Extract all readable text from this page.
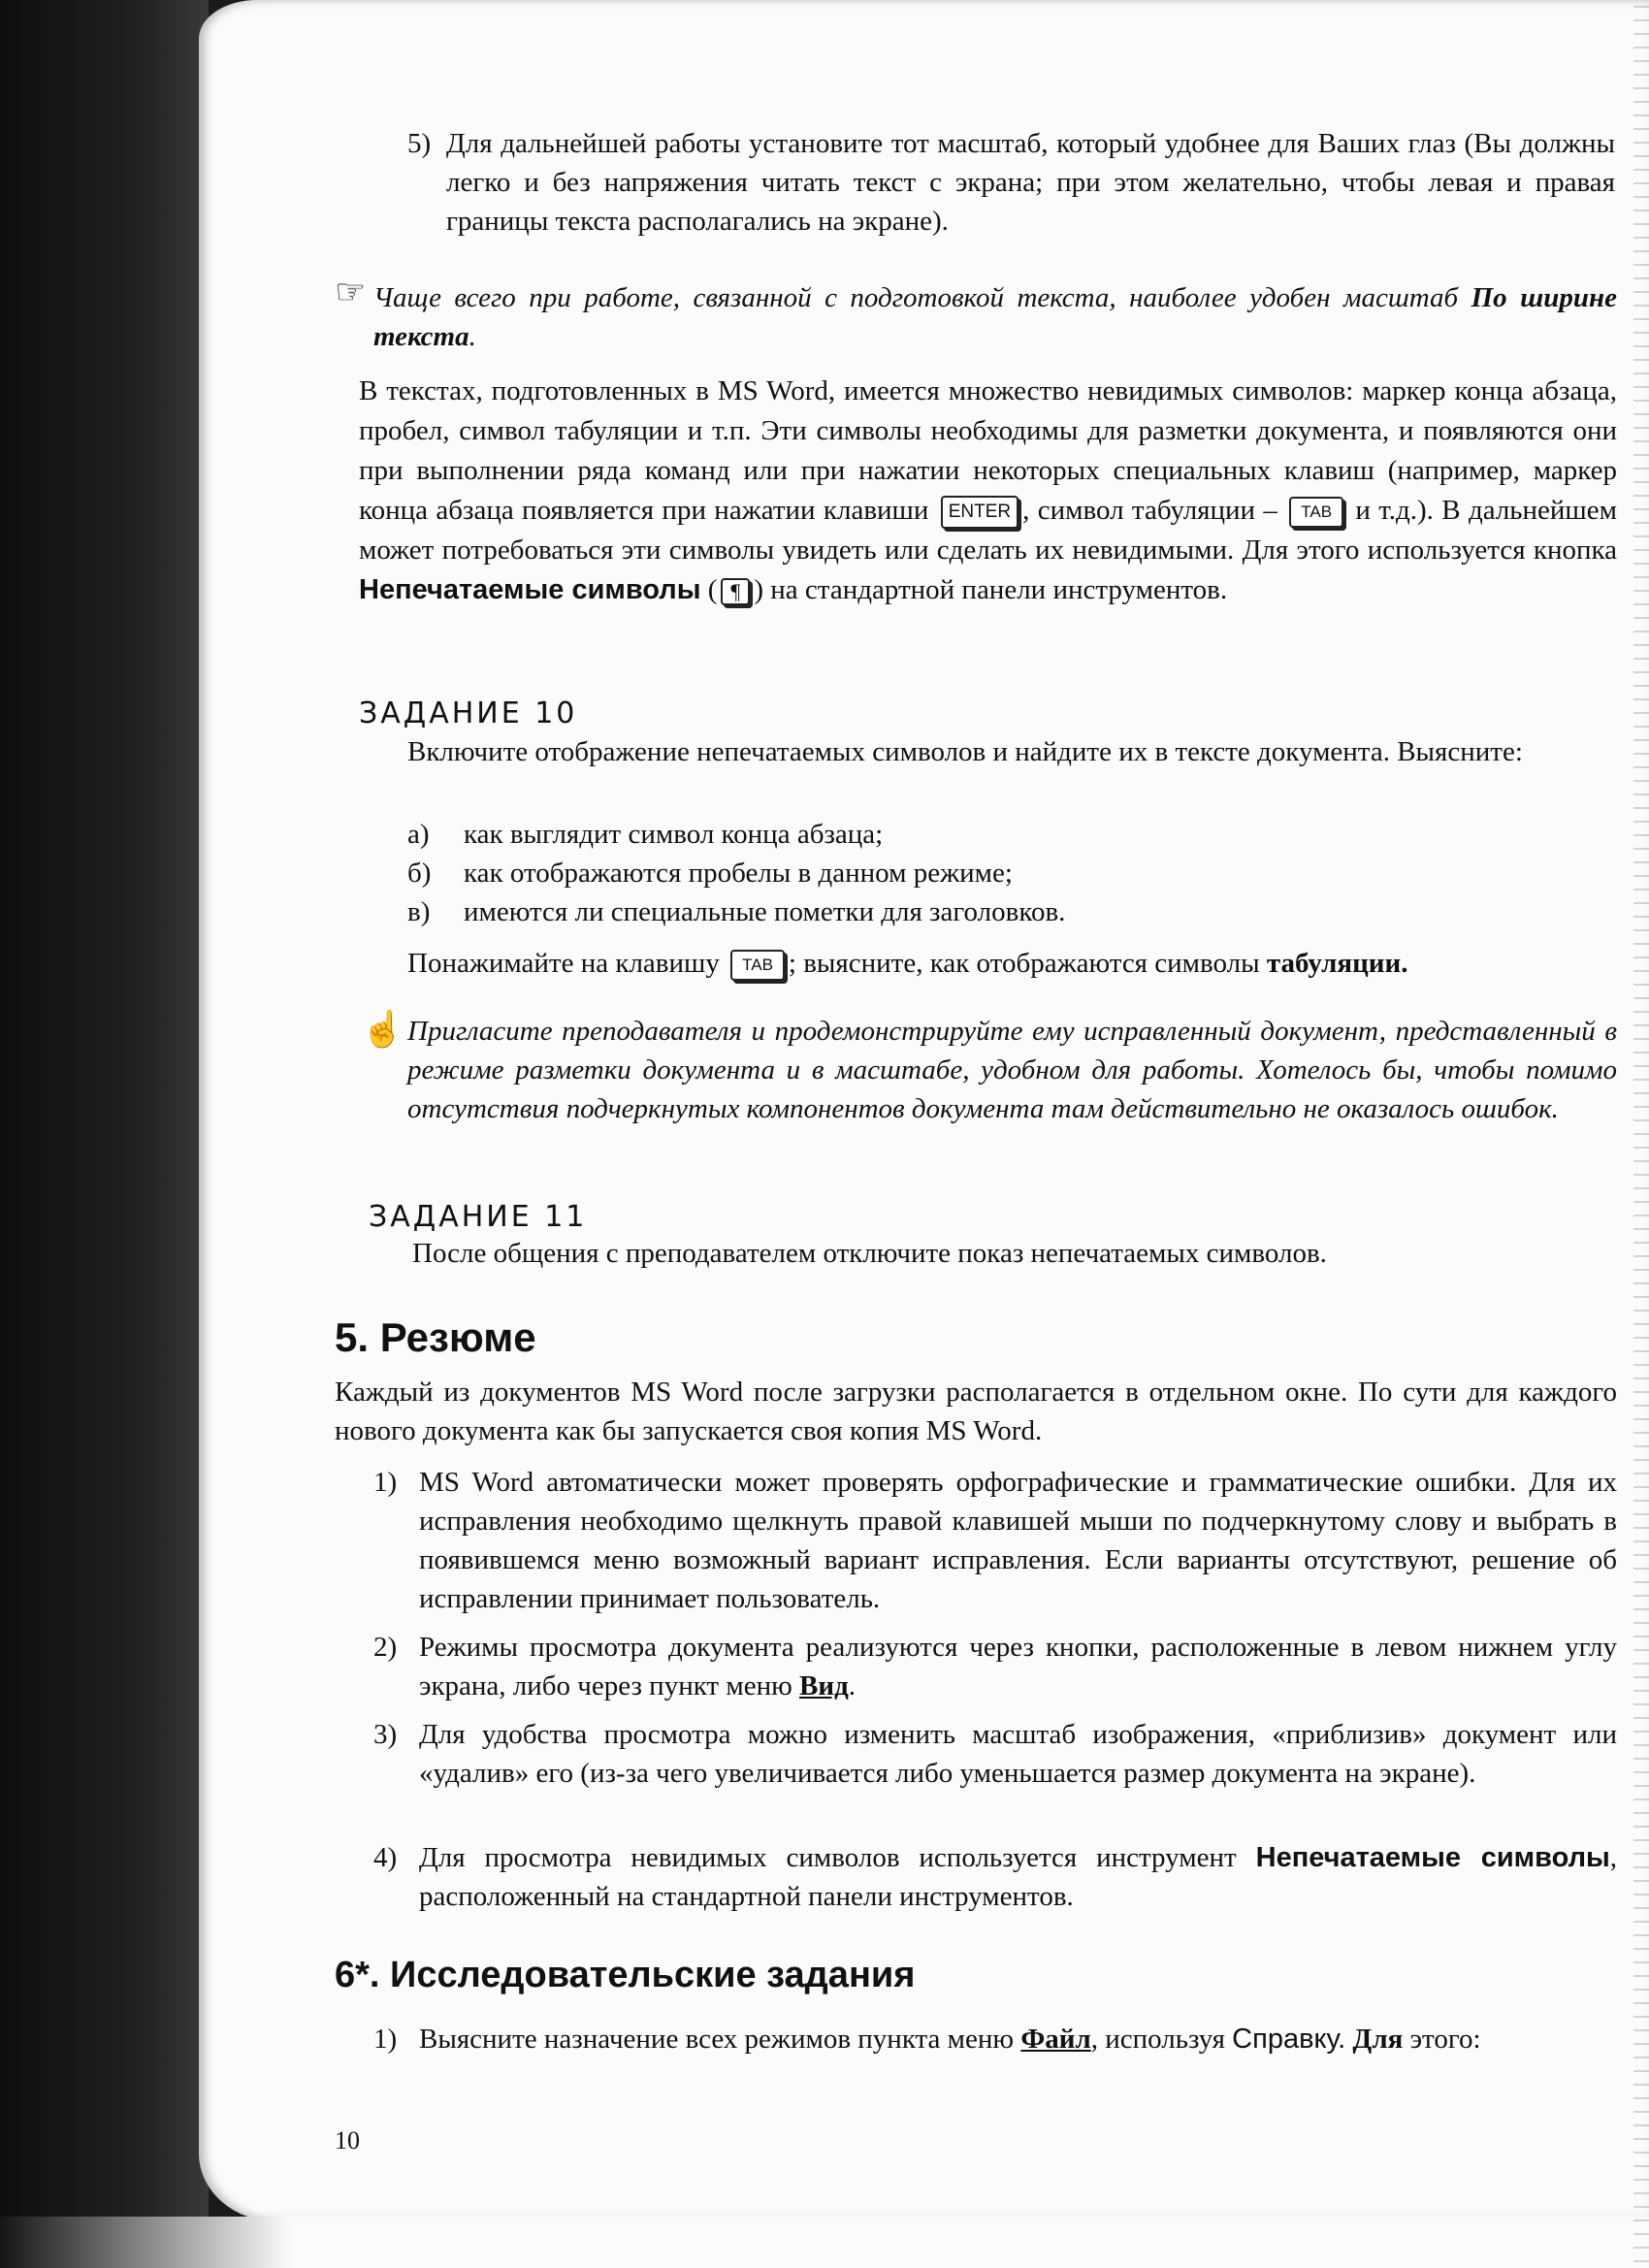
5) Для дальнейшей работы установите тот масштаб, который удобнее для Ваших глаз (Вы должны легко и без напряжения читать текст с экрана; при этом желательно, чтобы левая и правая границы текста располагались на экране).
☞ Чаще всего при работе, связанной с подготовкой текста, наиболее удобен масштаб По ширине текста.
В текстах, подготовленных в MS Word, имеется множество невидимых символов: маркер конца абзаца, пробел, символ табуляции и т.п. Эти символы необходимы для разметки документа, и появляются они при выполнении ряда команд или при нажатии некоторых специальных клавиш (например, маркер конца абзаца появляется при нажатии клавиши ENTER , символ табуляции – TAB и т.д.). В дальнейшем может потребоваться эти символы увидеть или сделать их невидимыми. Для этого используется кнопка Непечатаемые символы ( ¶ ) на стандартной панели инструментов.
ЗАДАНИЕ 10
Включите отображение непечатаемых символов и найдите их в тексте документа. Выясните:
а) как выглядит символ конца абзаца;
б) как отображаются пробелы в данном режиме;
в) имеются ли специальные пометки для заголовков.
Понажимайте на клавишу TAB ; выясните, как отображаются символы табуляции.
☝ Пригласите преподавателя и продемонстрируйте ему исправленный документ, представленный в режиме разметки документа и в масштабе, удобном для работы. Хотелось бы, чтобы помимо отсутствия подчеркнутых компонентов документа там действительно не оказалось ошибок.
ЗАДАНИЕ 11
После общения с преподавателем отключите показ непечатаемых символов.
5. Резюме
Каждый из документов MS Word после загрузки располагается в отдельном окне. По сути для каждого нового документа как бы запускается своя копия MS Word.
1) MS Word автоматически может проверять орфографические и грамматические ошибки. Для их исправления необходимо щелкнуть правой клавишей мыши по подчеркнутому слову и выбрать в появившемся меню возможный вариант исправления. Если варианты отсутствуют, решение об исправлении принимает пользователь.
2) Режимы просмотра документа реализуются через кнопки, расположенные в левом нижнем углу экрана, либо через пункт меню Вид.
3) Для удобства просмотра можно изменить масштаб изображения, «приблизив» документ или «удалив» его (из-за чего увеличивается либо уменьшается размер документа на экране).
4) Для просмотра невидимых символов используется инструмент Непечатаемые символы, расположенный на стандартной панели инструментов.
6*. Исследовательские задания
1) Выясните назначение всех режимов пункта меню Файл, используя Справку. Для этого:
10
